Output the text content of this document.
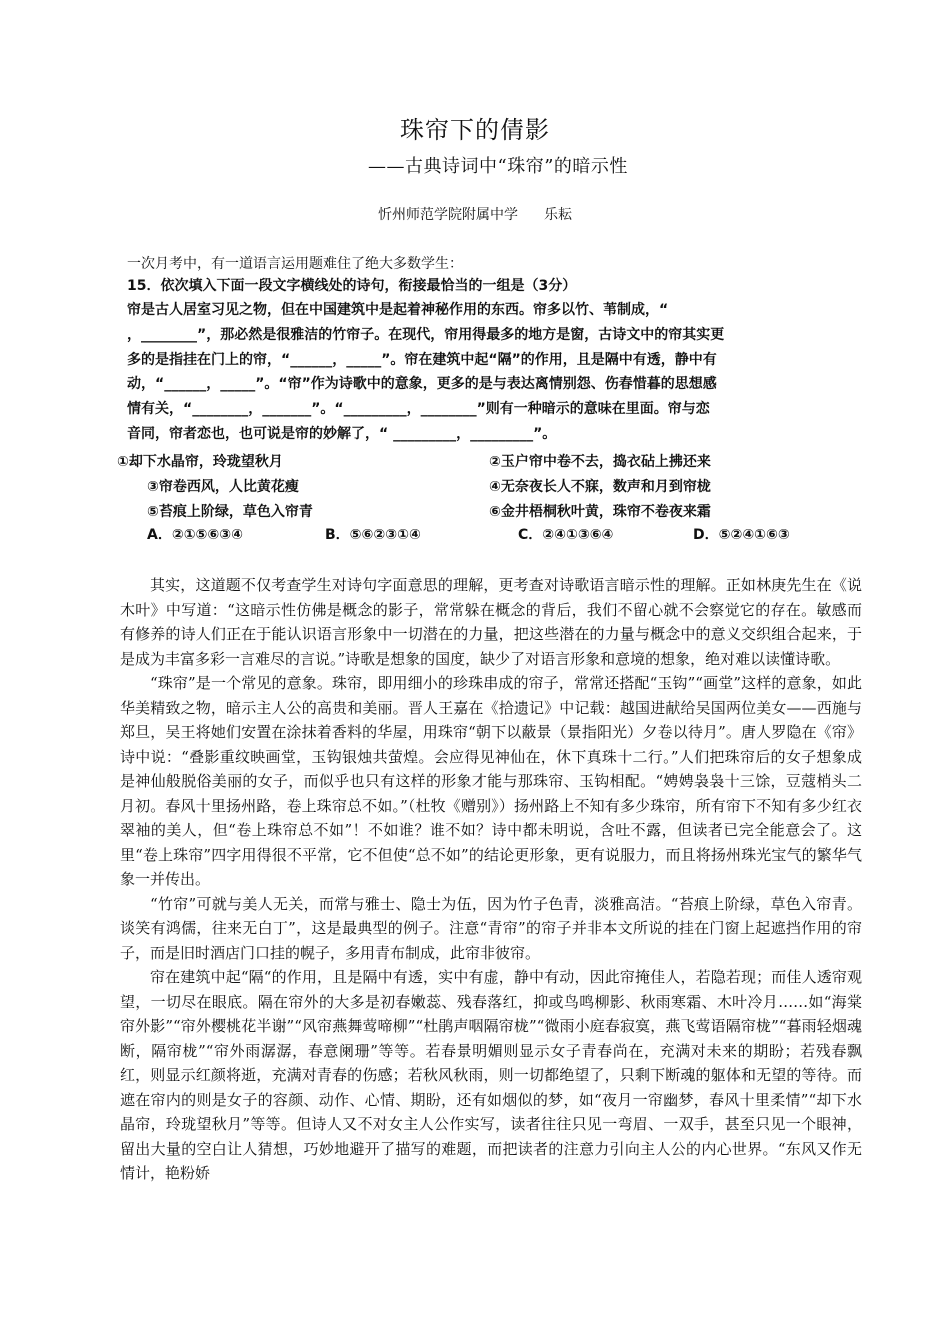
珠帘下的倩影
——古典诗词中“珠帘”的暗示性
忻州师范学院附属中学 乐耘
一次月考中，有一道语言运用题难住了绝大多数学生：
15．依次填入下面一段文字横线处的诗句，衔接最恰当的一组是（3分）
帘是古人居室习见之物，但在中国建筑中是起着神秘作用的东西。帘多以竹、苇制成，“
，________”，那必然是很雅洁的竹帘子。在现代，帘用得最多的地方是窗，古诗文中的帘其实更
多的是指挂在门上的帘，“______，_____”。帘在建筑中起“隔”的作用，且是隔中有透，静中有
动，“______，_____”。“帘”作为诗歌中的意象，更多的是与表达离情别怨、伤春惜暮的思想感
情有关，“________，_______”。“_________，________”则有一种暗示的意味在里面。帘与恋
音同，帘者恋也，也可说是帘的妙解了，“ _________，_________”。
①却下水晶帘，玲珑望秋月	②玉户帘中卷不去，捣衣砧上拂还来
③帘卷西风，人比黄花瘦	④无奈夜长人不寐，数声和月到帘栊
⑤苔痕上阶绿，草色入帘青	⑥金井梧桐秋叶黄，珠帘不卷夜来霜
A．②①⑤⑥③④	B．⑤⑥②③①④	C．②④①③⑥④	D．⑤②④①⑥③

其实，这道题不仅考查学生对诗句字面意思的理解，更考查对诗歌语言暗示性的理解。正如林庚先生在《说木叶》中写道：“这暗示性仿佛是概念的影子，常常躲在概念的背后，我们不留心就不会察觉它的存在。敏感而有修养的诗人们正在于能认识语言形象中一切潜在的力量，把这些潜在的力量与概念中的意义交织组合起来，于是成为丰富多彩一言难尽的言说。”诗歌是想象的国度，缺少了对语言形象和意境的想象，绝对难以读懂诗歌。

“珠帘”是一个常见的意象。珠帘，即用细小的珍珠串成的帘子，常常还搭配“玉钩”“画堂”这样的意象，如此华美精致之物，暗示主人公的高贵和美丽。晋人王嘉在《拾遗记》中记载：越国进献给吴国两位美女——西施与郑旦，吴王将她们安置在涂抹着香料的华屋，用珠帘“朝下以蔽景（景指阳光）夕卷以待月”。唐人罗隐在《帘》诗中说：“叠影重纹映画堂，玉钩银烛共萤煌。会应得见神仙在，休下真珠十二行。”人们把珠帘后的女子想象成是神仙般脱俗美丽的女子，而似乎也只有这样的形象才能与那珠帘、玉钩相配。“娉娉袅袅十三馀，豆蔻梢头二月初。春风十里扬州路，卷上珠帘总不如。”（杜牧《赠别》）扬州路上不知有多少珠帘，所有帘下不知有多少红衣翠袖的美人，但“卷上珠帘总不如”！不如谁？谁不如？诗中都未明说，含吐不露，但读者已完全能意会了。这里“卷上珠帘”四字用得很不平常，它不但使“总不如”的结论更形象，更有说服力，而且将扬州珠光宝气的繁华气象一并传出。

“竹帘”可就与美人无关，而常与雅士、隐士为伍，因为竹子色青，淡雅高洁。“苔痕上阶绿，草色入帘青。谈笑有鸿儒，往来无白丁”，这是最典型的例子。注意“青帘”的帘子并非本文所说的挂在门窗上起遮挡作用的帘子，而是旧时酒店门口挂的幌子，多用青布制成，此帘非彼帘。

帘在建筑中起“隔“的作用，且是隔中有透，实中有虚，静中有动，因此帘掩佳人，若隐若现；而佳人透帘观望，一切尽在眼底。隔在帘外的大多是初春嫩蕊、残春落红，抑或鸟鸣柳影、秋雨寒霜、木叶冷月……如“海棠帘外影”“帘外樱桃花半谢”“风帘燕舞莺啼柳”“杜鹃声咽隔帘栊”“微雨小庭春寂寞，燕飞莺语隔帘栊”“暮雨轻烟魂断，隔帘栊”“帘外雨潺潺，春意阑珊”等等。若春景明媚则显示女子青春尚在，充满对未来的期盼；若残春飘红，则显示红颜将逝，充满对青春的伤感；若秋风秋雨，则一切都绝望了，只剩下断魂的躯体和无望的等待。而遮在帘内的则是女子的容颜、动作、心情、期盼，还有如烟似的梦，如“夜月一帘幽梦，春风十里柔情”“却下水晶帘，玲珑望秋月”等等。但诗人又不对女主人公作实写，读者往往只见一弯眉、一双手，甚至只见一个眼神，留出大量的空白让人猜想，巧妙地避开了描写的难题，而把读者的注意力引向主人公的内心世界。“东风又作无情计，艳粉娇
